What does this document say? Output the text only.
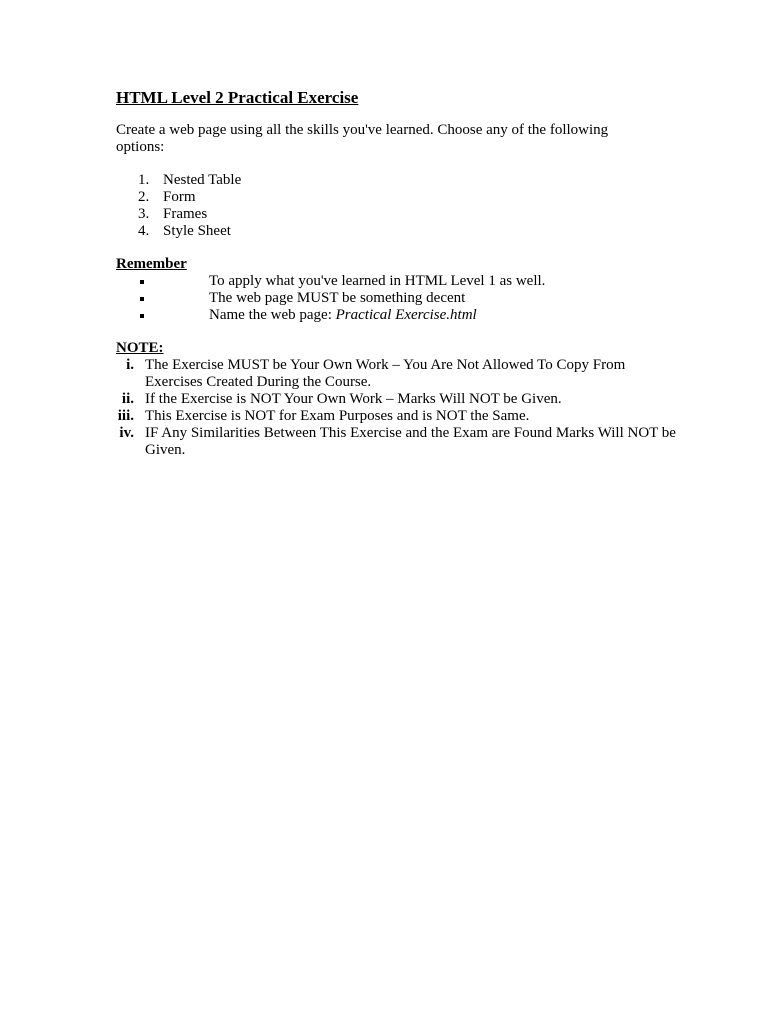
HTML Level 2 Practical Exercise
Create a web page using all the skills you've learned. Choose any of the following options:
1. Nested Table
2. Form
3. Frames
4. Style Sheet
Remember
To apply what you've learned in HTML Level 1 as well.
The web page MUST be something decent
Name the web page: Practical Exercise.html
NOTE:
i. The Exercise MUST be Your Own Work – You Are Not Allowed To Copy From Exercises Created During the Course.
ii. If the Exercise is NOT Your Own Work – Marks Will NOT be Given.
iii. This Exercise is NOT for Exam Purposes and is NOT the Same.
iv. IF Any Similarities Between This Exercise and the Exam are Found Marks Will NOT be Given.
